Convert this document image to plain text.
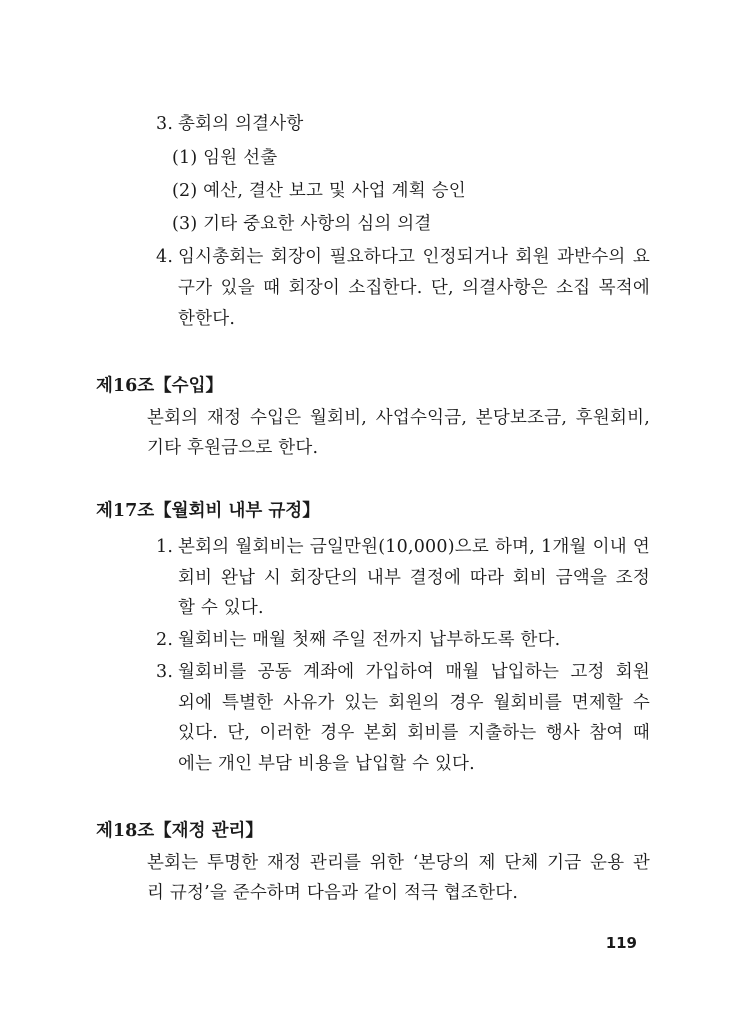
3. 총회의 의결사항
(1) 임원 선출
(2) 예산, 결산 보고 및 사업 계획 승인
(3) 기타 중요한 사항의 심의 의결
4. 임시총회는 회장이 필요하다고 인정되거나 회원 과반수의 요
구가 있을 때 회장이 소집한다. 단, 의결사항은 소집 목적에
한한다.
제16조【수입】
본회의 재정 수입은 월회비, 사업수익금, 본당보조금, 후원회비,
기타 후원금으로 한다.
제17조【월회비 내부 규정】
1. 본회의 월회비는 금일만원(10,000)으로 하며, 1개월 이내 연
회비 완납 시 회장단의 내부 결정에 따라 회비 금액을 조정
할 수 있다.
2. 월회비는 매월 첫째 주일 전까지 납부하도록 한다.
3. 월회비를 공동 계좌에 가입하여 매월 납입하는 고정 회원
외에 특별한 사유가 있는 회원의 경우 월회비를 면제할 수
있다. 단, 이러한 경우 본회 회비를 지출하는 행사 참여 때
에는 개인 부담 비용을 납입할 수 있다.
제18조【재정 관리】
본회는 투명한 재정 관리를 위한 ‘본당의 제 단체 기금 운용 관
리 규정’을 준수하며 다음과 같이 적극 협조한다.
119
